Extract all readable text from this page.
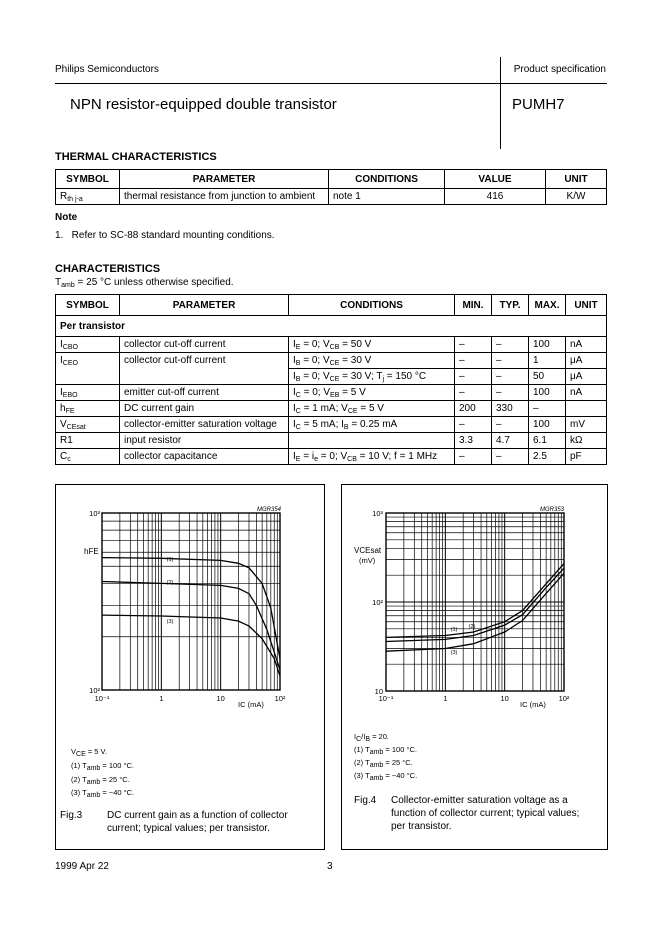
Philips Semiconductors	Product specification
NPN resistor-equipped double transistor	PUMH7
THERMAL CHARACTERISTICS
SYMBOL	PARAMETER	CONDITIONS	VALUE	UNIT
$R_{th j-a}$	thermal resistance from junction to ambient	note 1	416	K/W
Note
1.   Refer to SC-88 standard mounting conditions.
CHARACTERISTICS
$T_{amb} = 25$ °C unless otherwise specified.
SYMBOL	PARAMETER	CONDITIONS	MIN.	TYP.	MAX.	UNIT
Per transistor						
$I_{CBO}$	collector cut-off current	$I_E = 0$; $V_{CB} = 50$ V	–	–	100	nA
$I_{CEO}$	collector cut-off current	$I_B = 0$; $V_{CE} = 30$ V	–	–	1	μA
		$I_B = 0$; $V_{CE} = 30$ V; $T_j = 150$ °C	–	–	50	μA
$I_{EBO}$	emitter cut-off current	$I_C = 0$; $V_{EB} = 5$ V	–	–	100	nA
$h_{FE}$	DC current gain	$I_C = 1$ mA; $V_{CE} = 5$ V	200	330	–	
$V_{CEsat}$	collector-emitter saturation voltage	$I_C = 5$ mA; $I_B = 0.25$ mA	–	–	100	mV
R1	input resistor		3.3	4.7	6.1	kΩ
$C_c$	collector capacitance	$I_E = i_e = 0$; $V_{CB} = 10$ V; f = 1 MHz	–	–	2.5	pF
MGR354
10³
10²
10⁻¹	1	10	10²
hFE
IC (mA)
(1)
(2)
(3)
$V_{CE} = 5$ V.
(1) $T_{amb} = 100$ °C.
(2) $T_{amb} = 25$ °C.
(3) $T_{amb} = -40$ °C.
Fig.3 DC current gain as a function of collector
current; typical values; per transistor.
MGR353
10³
10²
10
10⁻¹	1	10	10²
VCEsat
(mV)
IC (mA)
(1) (2)
(3)
$I_C/I_B = 20$.
(1) $T_{amb} = 100$ °C.
(2) $T_{amb} = 25$ °C.
(3) $T_{amb} = -40$ °C.
Fig.4 Collector-emitter saturation voltage as a
function of collector current; typical values;
per transistor.
1999 Apr 22	3
